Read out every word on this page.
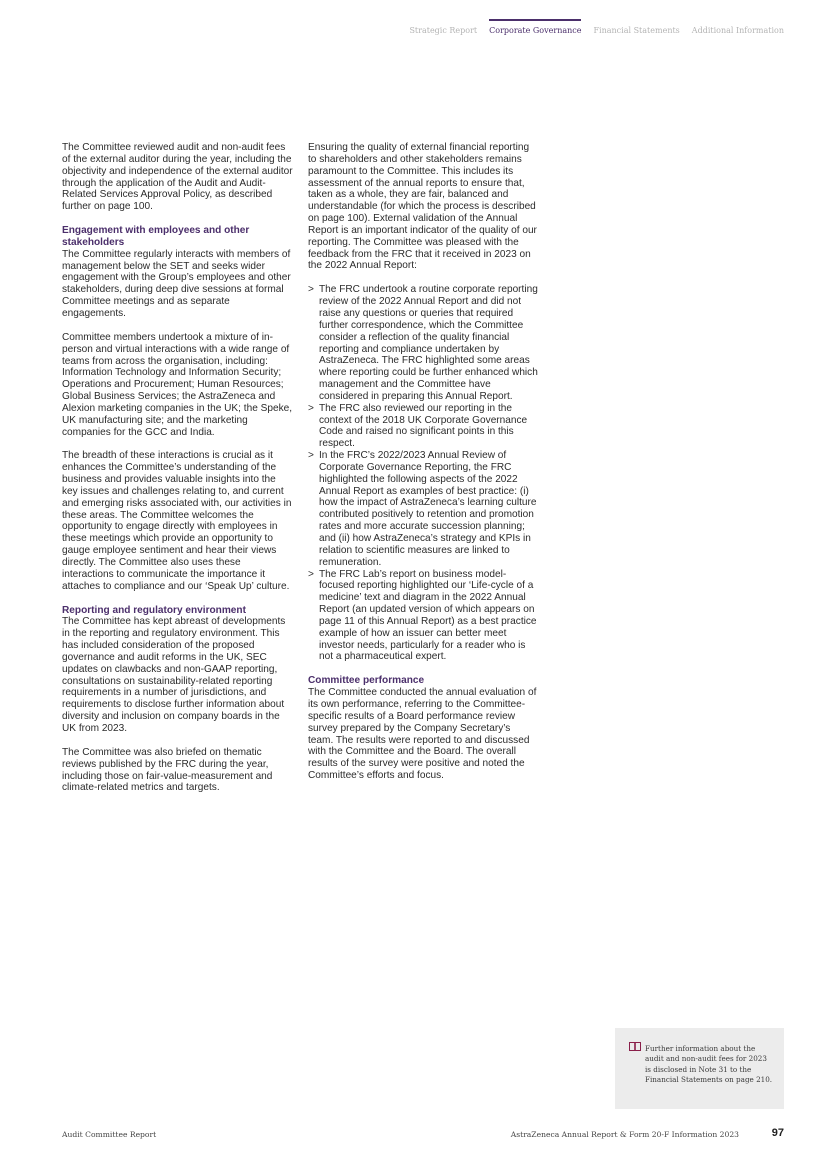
Strategic Report Corporate Governance Financial Statements Additional Information

The Committee reviewed audit and non-audit fees of the external auditor during the year, including the objectivity and independence of the external auditor through the application of the Audit and Audit-Related Services Approval Policy, as described further on page 100.

Engagement with employees and other stakeholders

The Committee regularly interacts with members of management below the SET and seeks wider engagement with the Group’s employees and other stakeholders, during deep dive sessions at formal Committee meetings and as separate engagements.

Committee members undertook a mixture of in-person and virtual interactions with a wide range of teams from across the organisation, including: Information Technology and Information Security; Operations and Procurement; Human Resources; Global Business Services; the AstraZeneca and Alexion marketing companies in the UK; the Speke, UK manufacturing site; and the marketing companies for the GCC and India.

The breadth of these interactions is crucial as it enhances the Committee’s understanding of the business and provides valuable insights into the key issues and challenges relating to, and current and emerging risks associated with, our activities in these areas. The Committee welcomes the opportunity to engage directly with employees in these meetings which provide an opportunity to gauge employee sentiment and hear their views directly. The Committee also uses these interactions to communicate the importance it attaches to compliance and our ‘Speak Up’ culture.

Reporting and regulatory environment

The Committee has kept abreast of developments in the reporting and regulatory environment. This has included consideration of the proposed governance and audit reforms in the UK, SEC updates on clawbacks and non-GAAP reporting, consultations on sustainability-related reporting requirements in a number of jurisdictions, and requirements to disclose further information about diversity and inclusion on company boards in the UK from 2023.

The Committee was also briefed on thematic reviews published by the FRC during the year, including those on fair-value-measurement and climate-related metrics and targets.

Ensuring the quality of external financial reporting to shareholders and other stakeholders remains paramount to the Committee. This includes its assessment of the annual reports to ensure that, taken as a whole, they are fair, balanced and understandable (for which the process is described on page 100). External validation of the Annual Report is an important indicator of the quality of our reporting. The Committee was pleased with the feedback from the FRC that it received in 2023 on the 2022 Annual Report:

> The FRC undertook a routine corporate reporting review of the 2022 Annual Report and did not raise any questions or queries that required further correspondence, which the Committee consider a reflection of the quality financial reporting and compliance undertaken by AstraZeneca. The FRC highlighted some areas where reporting could be further enhanced which management and the Committee have considered in preparing this Annual Report.
> The FRC also reviewed our reporting in the context of the 2018 UK Corporate Governance Code and raised no significant points in this respect.
> In the FRC’s 2022/2023 Annual Review of Corporate Governance Reporting, the FRC highlighted the following aspects of the 2022 Annual Report as examples of best practice: (i) how the impact of AstraZeneca’s learning culture contributed positively to retention and promotion rates and more accurate succession planning; and (ii) how AstraZeneca’s strategy and KPIs in relation to scientific measures are linked to remuneration.
> The FRC Lab’s report on business model-focused reporting highlighted our ‘Life-cycle of a medicine’ text and diagram in the 2022 Annual Report (an updated version of which appears on page 11 of this Annual Report) as a best practice example of how an issuer can better meet investor needs, particularly for a reader who is not a pharmaceutical expert.

Committee performance

The Committee conducted the annual evaluation of its own performance, referring to the Committee-specific results of a Board performance review survey prepared by the Company Secretary’s team. The results were reported to and discussed with the Committee and the Board. The overall results of the survey were positive and noted the Committee’s efforts and focus.

Further information about the audit and non-audit fees for 2023 is disclosed in Note 31 to the Financial Statements on page 210.
Audit Committee Report	AstraZeneca Annual Report & Form 20-F Information 2023	97
